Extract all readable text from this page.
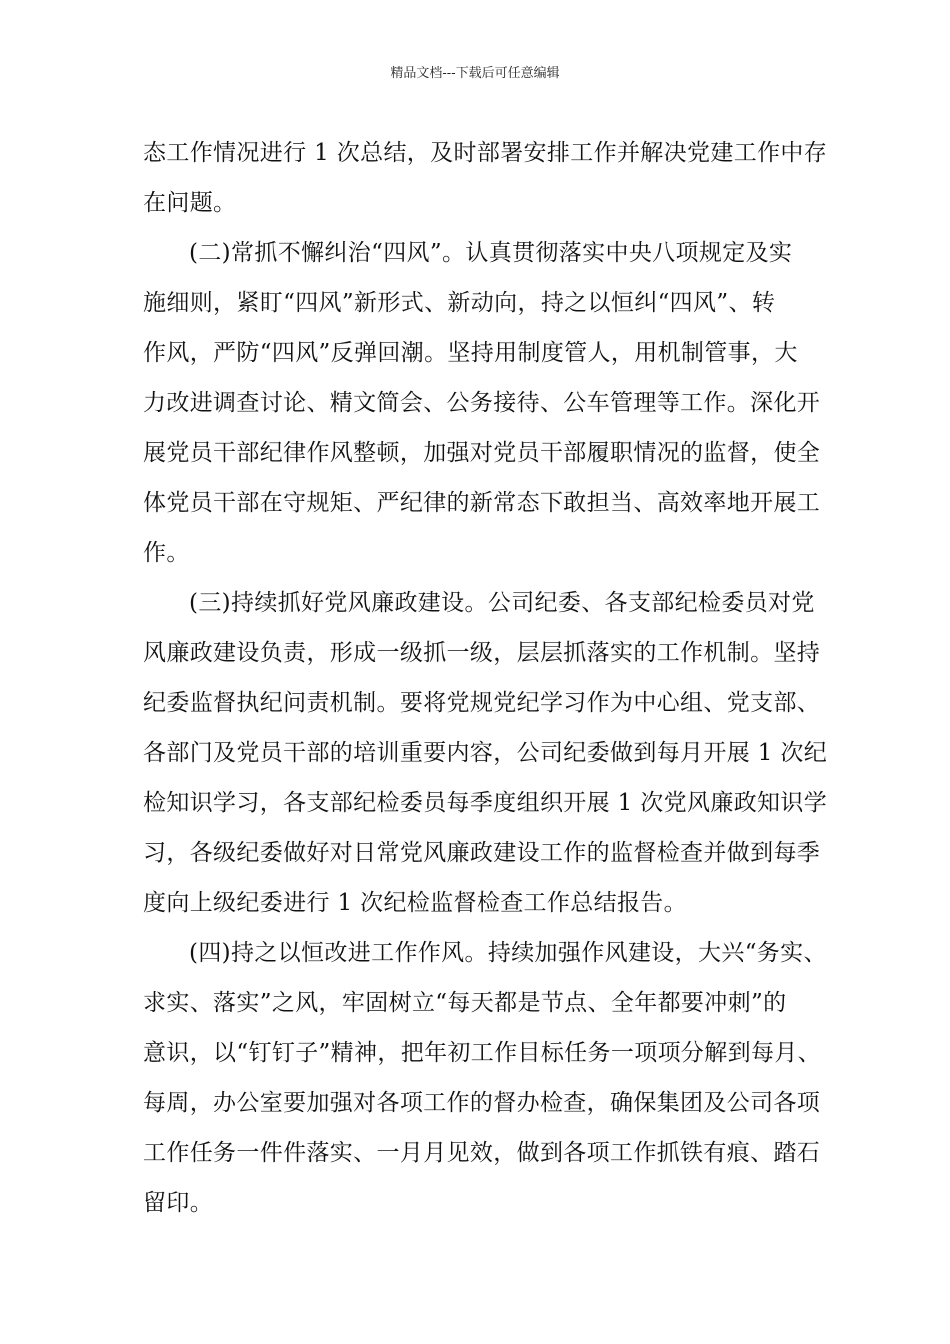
精品文档---下载后可任意编辑
态工作情况进行 1 次总结，及时部署安排工作并解决党建工作中存
在问题。
(二)常抓不懈纠治“四风”。认真贯彻落实中央八项规定及实
施细则，紧盯“四风”新形式、新动向，持之以恒纠“四风”、转
作风，严防“四风”反弹回潮。坚持用制度管人，用机制管事，大
力改进调查讨论、精文简会、公务接待、公车管理等工作。深化开
展党员干部纪律作风整顿，加强对党员干部履职情况的监督，使全
体党员干部在守规矩、严纪律的新常态下敢担当、高效率地开展工
作。
(三)持续抓好党风廉政建设。公司纪委、各支部纪检委员对党
风廉政建设负责，形成一级抓一级，层层抓落实的工作机制。坚持
纪委监督执纪问责机制。要将党规党纪学习作为中心组、党支部、
各部门及党员干部的培训重要内容，公司纪委做到每月开展 1 次纪
检知识学习，各支部纪检委员每季度组织开展 1 次党风廉政知识学
习，各级纪委做好对日常党风廉政建设工作的监督检查并做到每季
度向上级纪委进行 1 次纪检监督检查工作总结报告。
(四)持之以恒改进工作作风。持续加强作风建设，大兴“务实、
求实、落实”之风，牢固树立“每天都是节点、全年都要冲刺”的
意识，以“钉钉子”精神，把年初工作目标任务一项项分解到每月、
每周，办公室要加强对各项工作的督办检查，确保集团及公司各项
工作任务一件件落实、一月月见效，做到各项工作抓铁有痕、踏石
留印。
